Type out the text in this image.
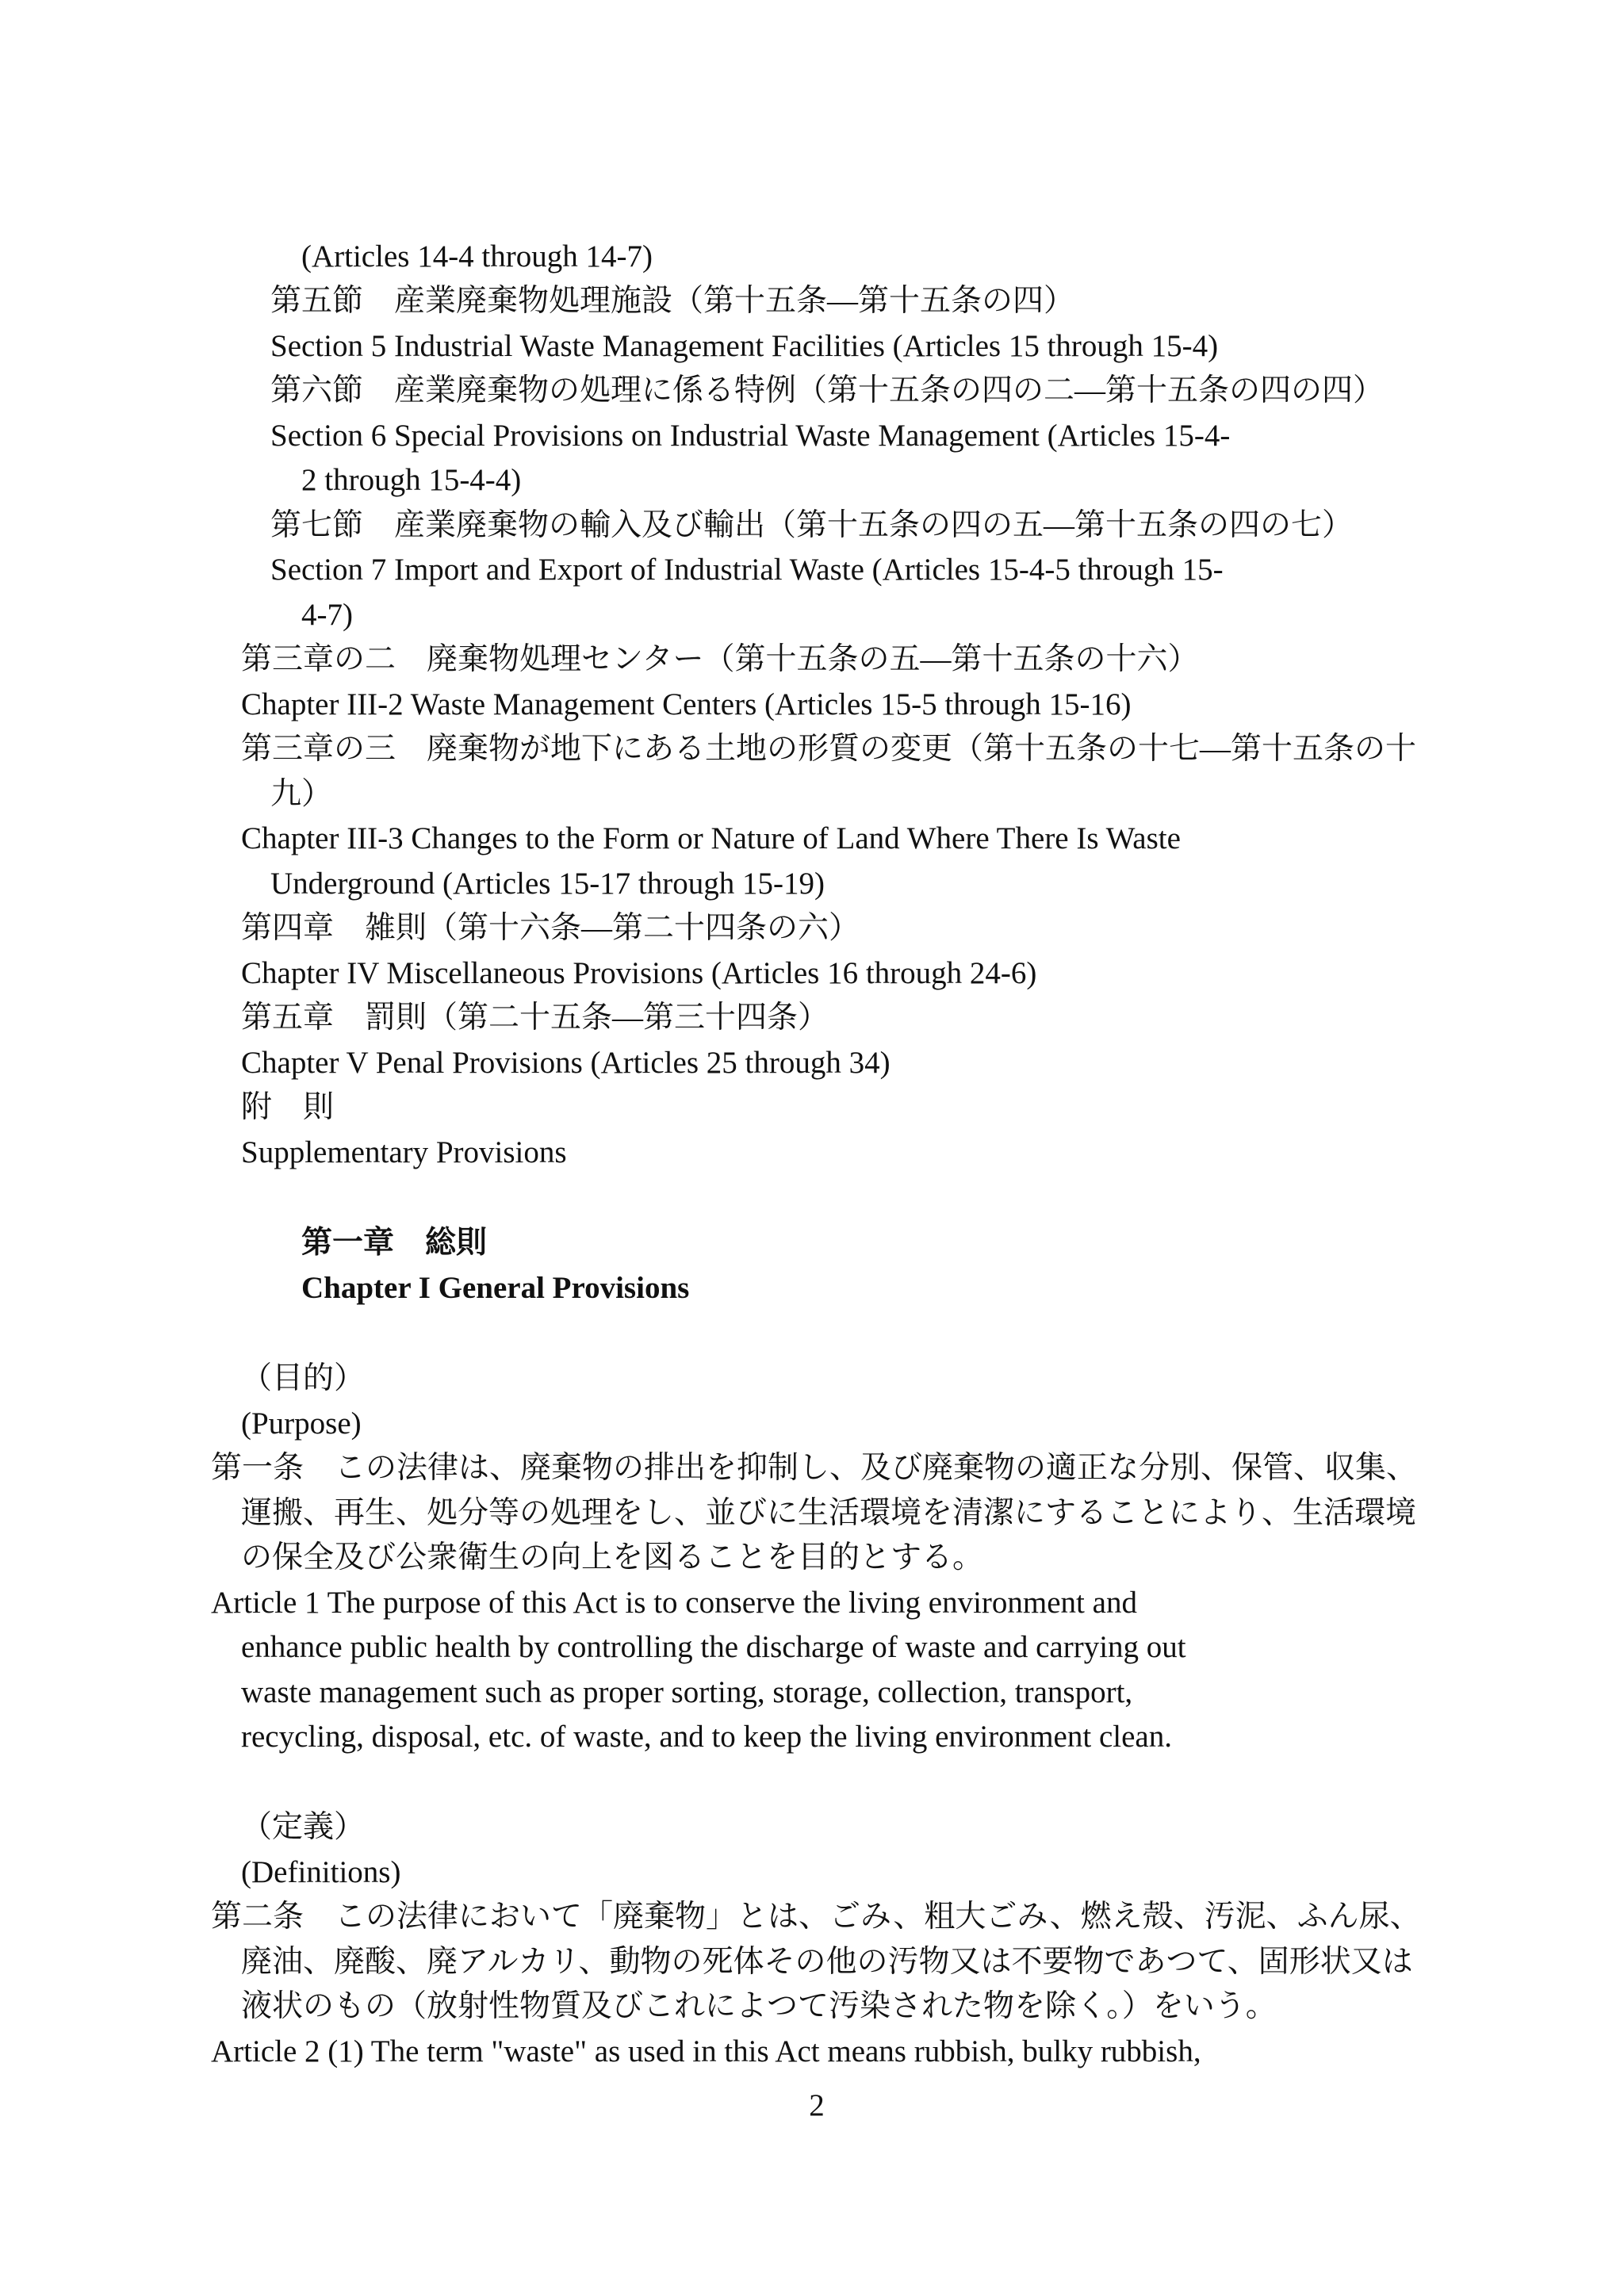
(Articles 14-4 through 14-7)
第五節　産業廃棄物処理施設（第十五条―第十五条の四）
Section 5 Industrial Waste Management Facilities (Articles 15 through 15-4)
第六節　産業廃棄物の処理に係る特例（第十五条の四の二―第十五条の四の四）
Section 6 Special Provisions on Industrial Waste Management (Articles 15-4-
2 through 15-4-4)
第七節　産業廃棄物の輸入及び輸出（第十五条の四の五―第十五条の四の七）
Section 7 Import and Export of Industrial Waste (Articles 15-4-5 through 15-
4-7)
第三章の二　廃棄物処理センター（第十五条の五―第十五条の十六）
Chapter III-2 Waste Management Centers (Articles 15-5 through 15-16)
第三章の三　廃棄物が地下にある土地の形質の変更（第十五条の十七―第十五条の十
九）
Chapter III-3 Changes to the Form or Nature of Land Where There Is Waste
Underground (Articles 15-17 through 15-19)
第四章　雑則（第十六条―第二十四条の六）
Chapter IV Miscellaneous Provisions (Articles 16 through 24-6)
第五章　罰則（第二十五条―第三十四条）
Chapter V Penal Provisions (Articles 25 through 34)
附　則
Supplementary Provisions
第一章　総則
Chapter I General Provisions
（目的）
(Purpose)
第一条　この法律は、廃棄物の排出を抑制し、及び廃棄物の適正な分別、保管、収集、
運搬、再生、処分等の処理をし、並びに生活環境を清潔にすることにより、生活環境
の保全及び公衆衛生の向上を図ることを目的とする。
Article 1 The purpose of this Act is to conserve the living environment and
enhance public health by controlling the discharge of waste and carrying out
waste management such as proper sorting, storage, collection, transport,
recycling, disposal, etc. of waste, and to keep the living environment clean.
（定義）
(Definitions)
第二条　この法律において「廃棄物」とは、ごみ、粗大ごみ、燃え殻、汚泥、ふん尿、
廃油、廃酸、廃アルカリ、動物の死体その他の汚物又は不要物であつて、固形状又は
液状のもの（放射性物質及びこれによつて汚染された物を除く。）をいう。
Article 2 (1) The term "waste" as used in this Act means rubbish, bulky rubbish,
2
